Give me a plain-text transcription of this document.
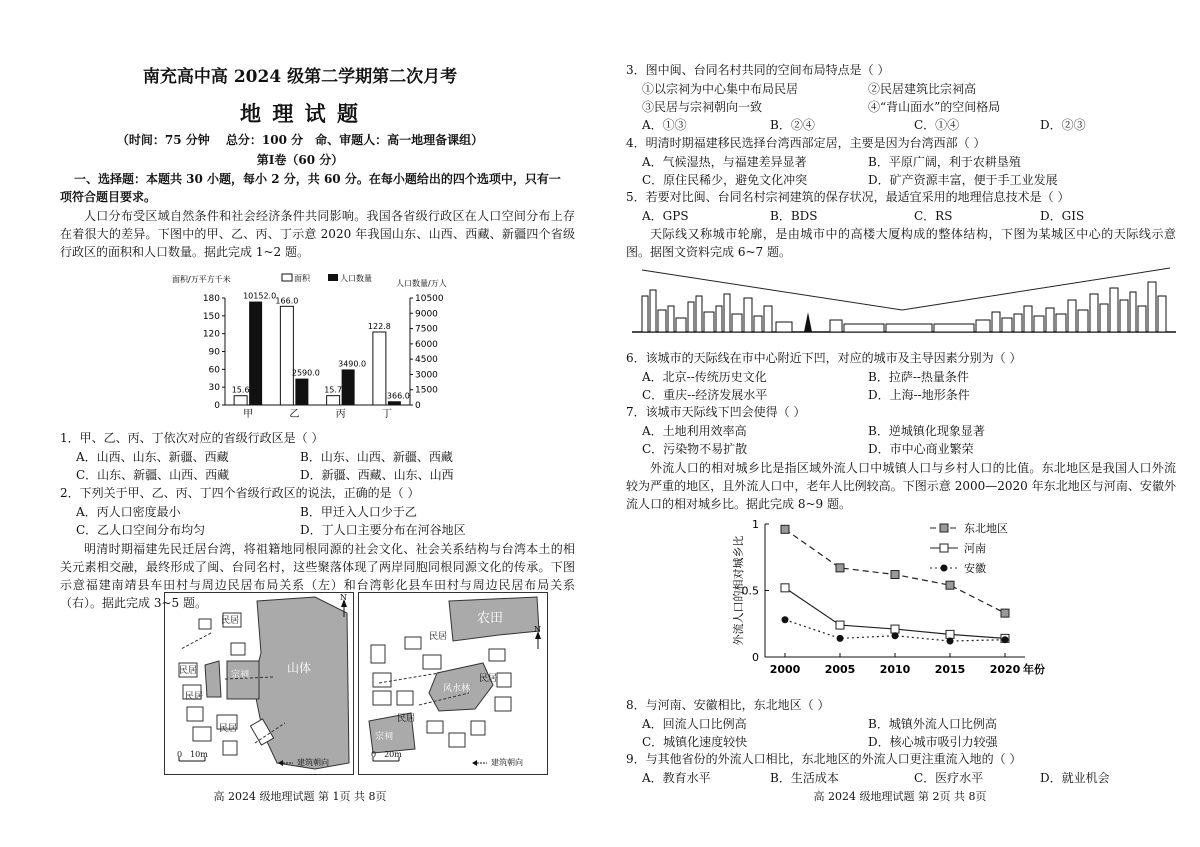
南充高中高 2024 级第二学期第二次月考
地 理 试 题
（时间：75 分钟　 总分：100 分　命、审题人：高一地理备课组）
第Ⅰ卷（60 分）
一、选择题：本题共 30 小题，每小 2 分，共 60 分。在每小题给出的四个选项中，只有一
项符合题目要求。
人口分布受区域自然条件和社会经济条件共同影响。我国各省级行政区在人口空间分布上存在着很大的差异。下图中的甲、乙、丙、丁示意 2020 年我国山东、山西、西藏、新疆四个省级行政区的面积和人口数量。据此完成 1~2 题。
面积/万平方千米	人口数量/万人
面积	人口数量
0
30
60
90
120
150
180
0
1500
3000
4500
6000
7500
9000
10500
15.6
10152.0
甲
166.0
2590.0
乙
15.7
3490.0
丙
122.8
366.0
丁
1．甲、乙、丙、丁依次对应的省级行政区是（ ）
A．山西、山东、新疆、西藏	B．山东、山西、新疆、西藏
C．山东、新疆、山西、西藏	D．新疆、西藏、山东、山西
2．下列关于甲、乙、丙、丁四个省级行政区的说法，正确的是（ ）
A．丙人口密度最小	B．甲迁入人口少于乙
C．乙人口空间分布均匀	D．丁人口主要分布在河谷地区
明清时期福建先民迁居台湾，将祖籍地同根同源的社会文化、社会关系结构与台湾本土的相关元素相交融，最终形成了闽、台同名村，这些聚落体现了两岸同胞同根同源文化的传承。下图示意福建南靖县车田村与周边民居布局关系（左）和台湾彰化县车田村与周边民居布局关系（右）。据此完成 3~5 题。
民居
民居	宗祠	山体
民居
民居
N
0　10m
建筑朝向
农田
民居
风水林
宗祠
民居
民居
N
0　20m
建筑朝向
高 2024 级地理试题 第 1页 共 8页
3．图中闽、台同名村共同的空间布局特点是（ ）
①以宗祠为中心集中布局民居	②民居建筑比宗祠高
③民居与宗祠朝向一致	④“背山面水”的空间格局
A．①③	B．②④	C．①④	D．②③
4．明清时期福建移民选择台湾西部定居，主要是因为台湾西部（ ）
A．气候湿热，与福建差异显著	B．平原广阔，利于农耕垦殖
C．原住民稀少，避免文化冲突	D．矿产资源丰富，便于手工业发展
5．若要对比闽、台同名村宗祠建筑的保存状况，最适宜采用的地理信息技术是（ ）
A．GPS	B．BDS	C．RS	D．GIS
天际线又称城市轮廓，是由城市中的高楼大厦构成的整体结构，下图为某城区中心的天际线示意图。据图文资料完成 6~7 题。
6．该城市的天际线在市中心附近下凹，对应的城市及主导因素分别为（ ）
A．北京--传统历史文化	B．拉萨--热量条件
C．重庆--经济发展水平	D．上海--地形条件
7．该城市天际线下凹会使得（ ）
A．土地利用效率高	B．逆城镇化现象显著
C．污染物不易扩散	D．市中心商业繁荣
外流人口的相对城乡比是指区域外流人口中城镇人口与乡村人口的比值。东北地区是我国人口外流较为严重的地区，且外流人口中，老年人比例较高。下图示意 2000—2020 年东北地区与河南、安徽外流人口的相对城乡比。据此完成 8~9 题。
0
0.5
1
2000 2005 2010 2015 2020 年份
外流人口的相对城乡比
东北地区
河南
安徽
8．与河南、安徽相比，东北地区（ ）
A．回流人口比例高	B．城镇外流人口比例高
C．城镇化速度较快	D．核心城市吸引力较强
9．与其他省份的外流人口相比，东北地区的外流人口更注重流入地的（ ）
A．教育水平	B．生活成本	C．医疗水平	D．就业机会
高 2024 级地理试题 第 2页 共 8页
